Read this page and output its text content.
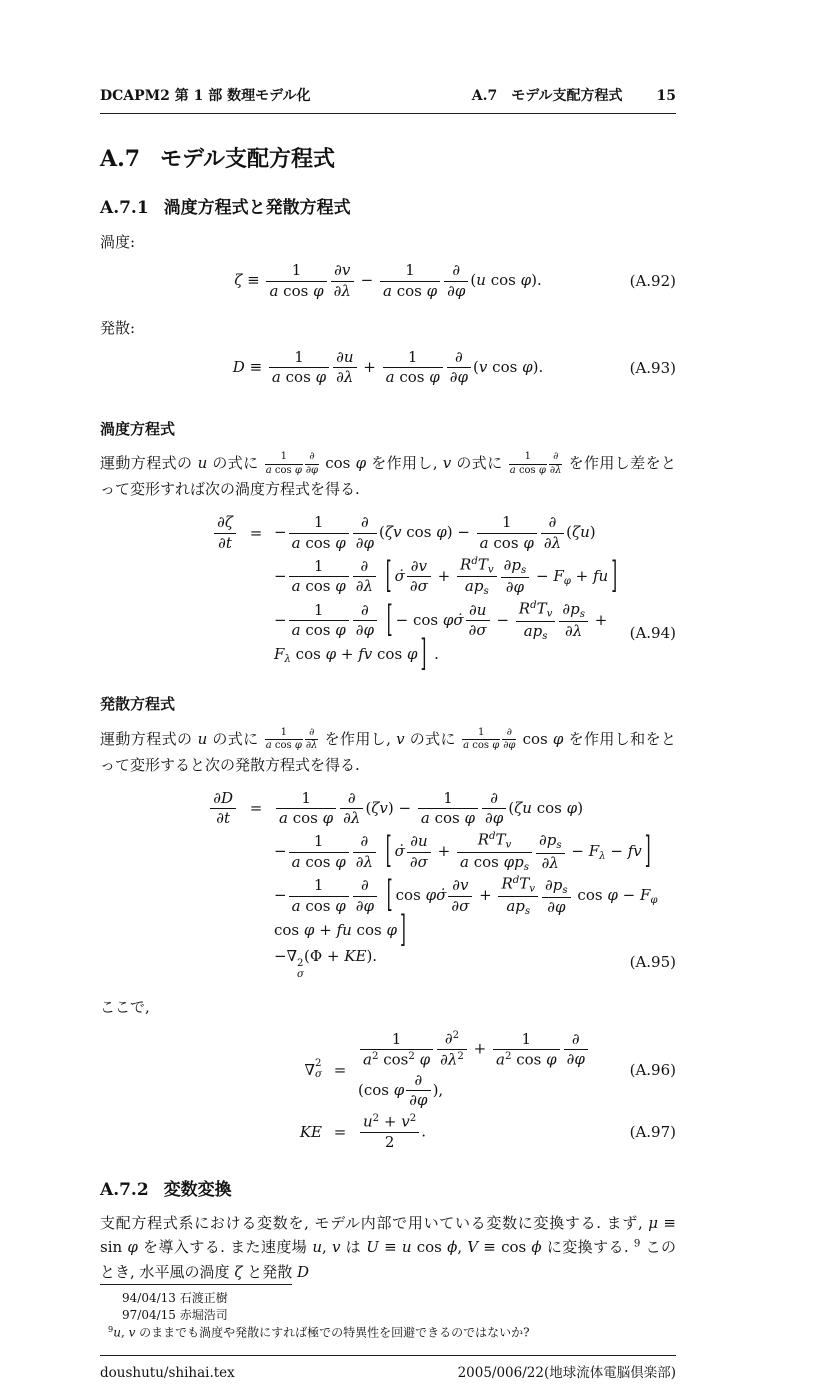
DCAPM2 第 1 部 数理モデル化	A.7　モデル支配方程式 15
A.7 モデル支配方程式
A.7.1 渦度方程式と発散方程式
渦度:
$\zeta \equiv \frac{1}{\text{a cos φ}} \frac{\partial v}{\partial\lambda} - \frac{1}{\text{a cos φ}}$ ∂
∂φ
(u cos φ).	(A.92)
発散:
$D \equiv \frac{1}{\text{a cos φ}} \frac{\partial u}{\partial\lambda} + \frac{1}{\text{a cos φ}}$ ∂
∂φ
(v cos φ).	(A.93)
渦度方程式
運動方程式の u の式に $\frac{1}{\text{a cos φ}}$ ∂
∂φ cos φ を作用し, v の式に $\frac{1}{\text{a cos φ}}$ ∂
∂λ を作用し差をとって変形すれば次の渦度方程式を得る.
∂ζ
∂t
= − $\frac{1}{\text{a cos φ}}$ ∂
∂φ
(ζv $\cos \varphi) - \frac{1}{\text{a cos φ}}$ ∂
∂λ
(ζu)
− $\frac{1}{\text{a cos φ}}$ ∂
∂λ [ σ̇ $\frac{\partial v}{\partial\sigma}$ +
$R^dT_v$
$ap_s \frac{\partial p_s}{\partial\varphi} - F_\varphi$ + fu ]
− $\frac{1}{\text{a cos φ}}$ ∂
∂φ [ − cos φσ̇ $\frac{\partial u}{\partial\sigma}$ −
$R^dT_v$
$ap_s \frac{\partial p_s}{\partial\lambda} + F_\lambda$ cos φ + fv cos φ ] .
(A.94)
発散方程式
運動方程式の u の式に $\frac{1}{\text{a cos φ}}$ ∂
∂λ を作用し, v の式に $\frac{1}{\text{a cos φ}}$ ∂
∂φ cos φ を作用し和をとって変形すると次の発散方程式を得る.
∂D
∂t
= $\frac{1}{\text{a cos φ}}$ ∂
∂λ
$(\zeta v) - \frac{1}{\text{a cos φ}}$ ∂
∂φ
(ζu cos φ)
− $\frac{1}{\text{a cos φ}}$ ∂
∂λ [ σ̇ $\frac{\partial u}{\partial\sigma}$ +
$R^dT_v$
a $\cos \varphi p_s \frac{\partial p_s}{\partial\lambda} - F_\lambda$ − fv ]
− $\frac{1}{\text{a cos φ}}$ ∂
∂φ [ cos φσ̇ $\frac{\partial v}{\partial\sigma}$ +
$R^dT_v$
$ap_s \frac{\partial p_s}{\partial\varphi}$ $\cos \varphi - F_\varphi$ cos φ + fu cos φ ]
−∇ 2
σ
(Φ + KE).	(A.95)
ここで,
∇ 2
$\sigma = \frac{1}{a^2 \cos^2 \varphi} \frac{\partial^2}{\partial\lambda^2} + \frac{1}{a^2 \cos \varphi}$ ∂
∂φ
(cos φ
∂
∂φ
),
(A.96)
KE = $\frac{u^2 + v^2}{2}$ .	(A.97)
A.7.2 変数変換
支配方程式系における変数を, モデル内部で用いている変数に変換する. まず, μ ≡ sin φ を導入する. また速度場 u, v は U ≡ u cos ϕ, V ≡ cos ϕ に変換する. $^9$ このとき, 水平風の渦度 ζ と発散 D
94/04/13 石渡正樹
97/04/15 赤堀浩司
$^9$u, v のままでも渦度や発散にすれば極での特異性を回避できるのではないか?
doushutu/shihai.tex	2005/006/22(地球流体電脳倶楽部)
